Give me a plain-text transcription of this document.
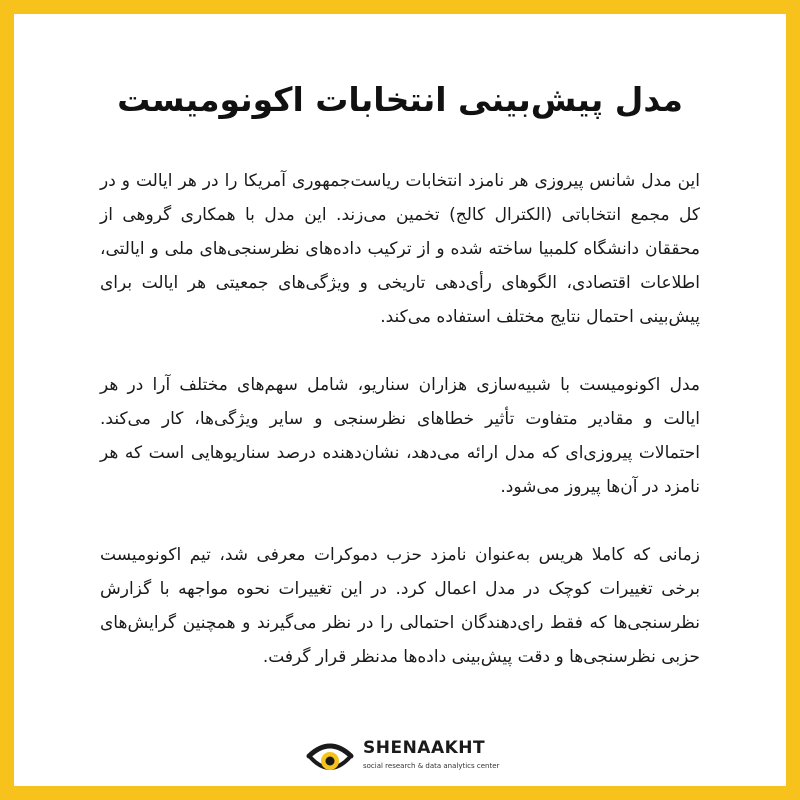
مدل پیش‌بینی انتخابات اکونومیست

این مدل شانس پیروزی هر نامزد انتخابات ریاست‌جمهوری آمریکا را در هر ایالت و در کل مجمع انتخاباتی (الکترال کالج) تخمین می‌زند. این مدل با همکاری گروهی از محققان دانشگاه کلمبیا ساخته شده و از ترکیب داده‌های نظرسنجی‌های ملی و ایالتی، اطلاعات اقتصادی، الگوهای رأی‌دهی تاریخی و ویژگی‌های جمعیتی هر ایالت برای پیش‌بینی احتمال نتایج مختلف استفاده می‌کند.

مدل اکونومیست با شبیه‌سازی هزاران سناریو، شامل سهم‌های مختلف آرا در هر ایالت و مقادیر متفاوت تأثیر خطاهای نظرسنجی و سایر ویژگی‌ها، کار می‌کند. احتمالات پیروزی‌ای که مدل ارائه می‌دهد، نشان‌دهنده درصد سناریوهایی است که هر نامزد در آن‌ها پیروز می‌شود.

زمانی که کاملا هریس به‌عنوان نامزد حزب دموکرات معرفی شد، تیم اکونومیست برخی تغییرات کوچک در مدل اعمال کرد. در این تغییرات نحوه مواجهه با گزارش نظرسنجی‌ها که فقط رای‌دهندگان احتمالی را در نظر می‌گیرند و همچنین گرایش‌های حزبی نظرسنجی‌ها و دقت پیش‌بینی داده‌ها مدنظر قرار گرفت.

SHENAAKHT
social research & data analytics center
